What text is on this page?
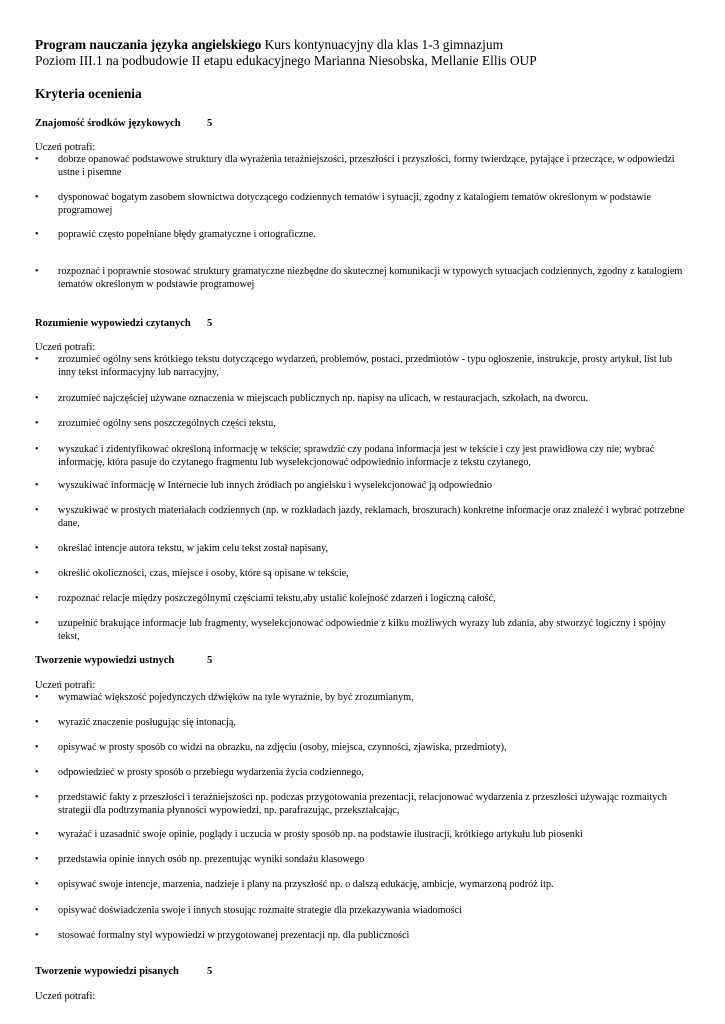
Program nauczania języka angielskiego Kurs kontynuacyjny dla klas 1-3 gimnazjum
Poziom III.1 na podbudowie II etapu edukacyjnego Marianna Niesobska, Mellanie Ellis OUP
Kryteria ocenienia
Znajomość środków językowych	5
Uczeń potrafi:
• dobrze opanować podstawowe struktury dla wyrażenia teraźniejszości, przeszłości i przyszłości, formy twierdzące, pytające i przeczące, w odpowiedzi ustne i pisemne
• dysponować bogatym zasobem słownictwa dotyczącego codziennych tematów i sytuacji, zgodny z katalogiem tematów określonym w podstawie programowej
• poprawić często popełniane błędy gramatyczne i ortograficzne.
• rozpoznać i poprawnie stosować struktury gramatyczne niezbędne do skutecznej komunikacji w typowych sytuacjach codziennych, zgodny z katalogiem tematów określonym w podstawie programowej
Rozumienie wypowiedzi czytanych 5
Uczeń potrafi:
• zrozumieć ogólny sens krótkiego tekstu dotyczącego wydarzeń, problemów, postaci, przedmiotów - typu ogłoszenie, instrukcje, prosty artykuł, list lub inny tekst informacyjny lub narracyjny,
• zrozumieć najczęściej używane oznaczenia w miejscach publicznych np. napisy na ulicach, w restauracjach, szkołach, na dworcu.
• zrozumieć ogólny sens poszczególnych części tekstu,
• wyszukać i zidentyfikować określoną informację w tekście; sprawdzić czy podana informacja jest w tekście i czy jest prawidłowa czy nie; wybrać informację, która pasuje do czytanego fragmentu lub wyselekcjonować odpowiednio informacje z tekstu czytanego,
• wyszukiwać informację w Internecie lub innych źródłach po angielsku i wyselekcjonować ją odpowiednio
• wyszukiwać w prostych materiałach codziennych (np. w rozkładach jazdy, reklamach, broszurach) konkretne informacje oraz znaleźć i wybrać potrzebne dane,
• określać intencje autora tekstu, w jakim celu tekst został napisany,
• określić okoliczności, czas, miejsce i osoby, które są opisane w tekście,
• rozpoznać relacje między poszczególnymi częściami tekstu,aby ustalić kolejność zdarzeń i logiczną całość,
• uzupełnić brakujące informacje lub fragmenty, wyselekcjonować odpowiednie z kilku możliwych wyrazy lub zdania, aby stworzyć logiczny i spójny tekst,
Tworzenie wypowiedzi ustnych	5
Uczeń potrafi:
• wymawiać większość pojedynczych dźwięków na tyle wyraźnie, by być zrozumianym,
• wyrazić znaczenie posługując się intonacją,
• opisywać w prosty sposób co widzi na obrazku, na zdjęciu (osoby, miejsca, czynności, zjawiska, przedmioty),
• odpowiedzieć w prosty sposób o przebiegu wydarzenia życia codziennego,
• przedstawić fakty z przeszłości i teraźniejszości np. podczas przygotowania prezentacji, relacjonować wydarzenia z przeszłości używając rozmaitych strategii dla podtrzymania płynności wypowiedzi, np. parafrazując, przekształcając,
• wyrażać i uzasadnić swoje opinie, poglądy i uczucia w prosty sposób np. na podstawie ilustracji, krótkiego artykułu lub piosenki
• przedstawia opinie innych osób np. prezentując wyniki sondażu klasowego
• opisywać swoje intencje, marzenia, nadzieje i plany na przyszłość np. o dalszą edukację, ambicje, wymarzoną podróż itp.
• opisywać doświadczenia swoje i innych stosując rozmaite strategie dla przekazywania wiadomości
• stosować formalny styl wypowiedzi w przygotowanej prezentacji np. dla publiczności
Tworzenie wypowiedzi pisanych	5
Uczeń potrafi:
